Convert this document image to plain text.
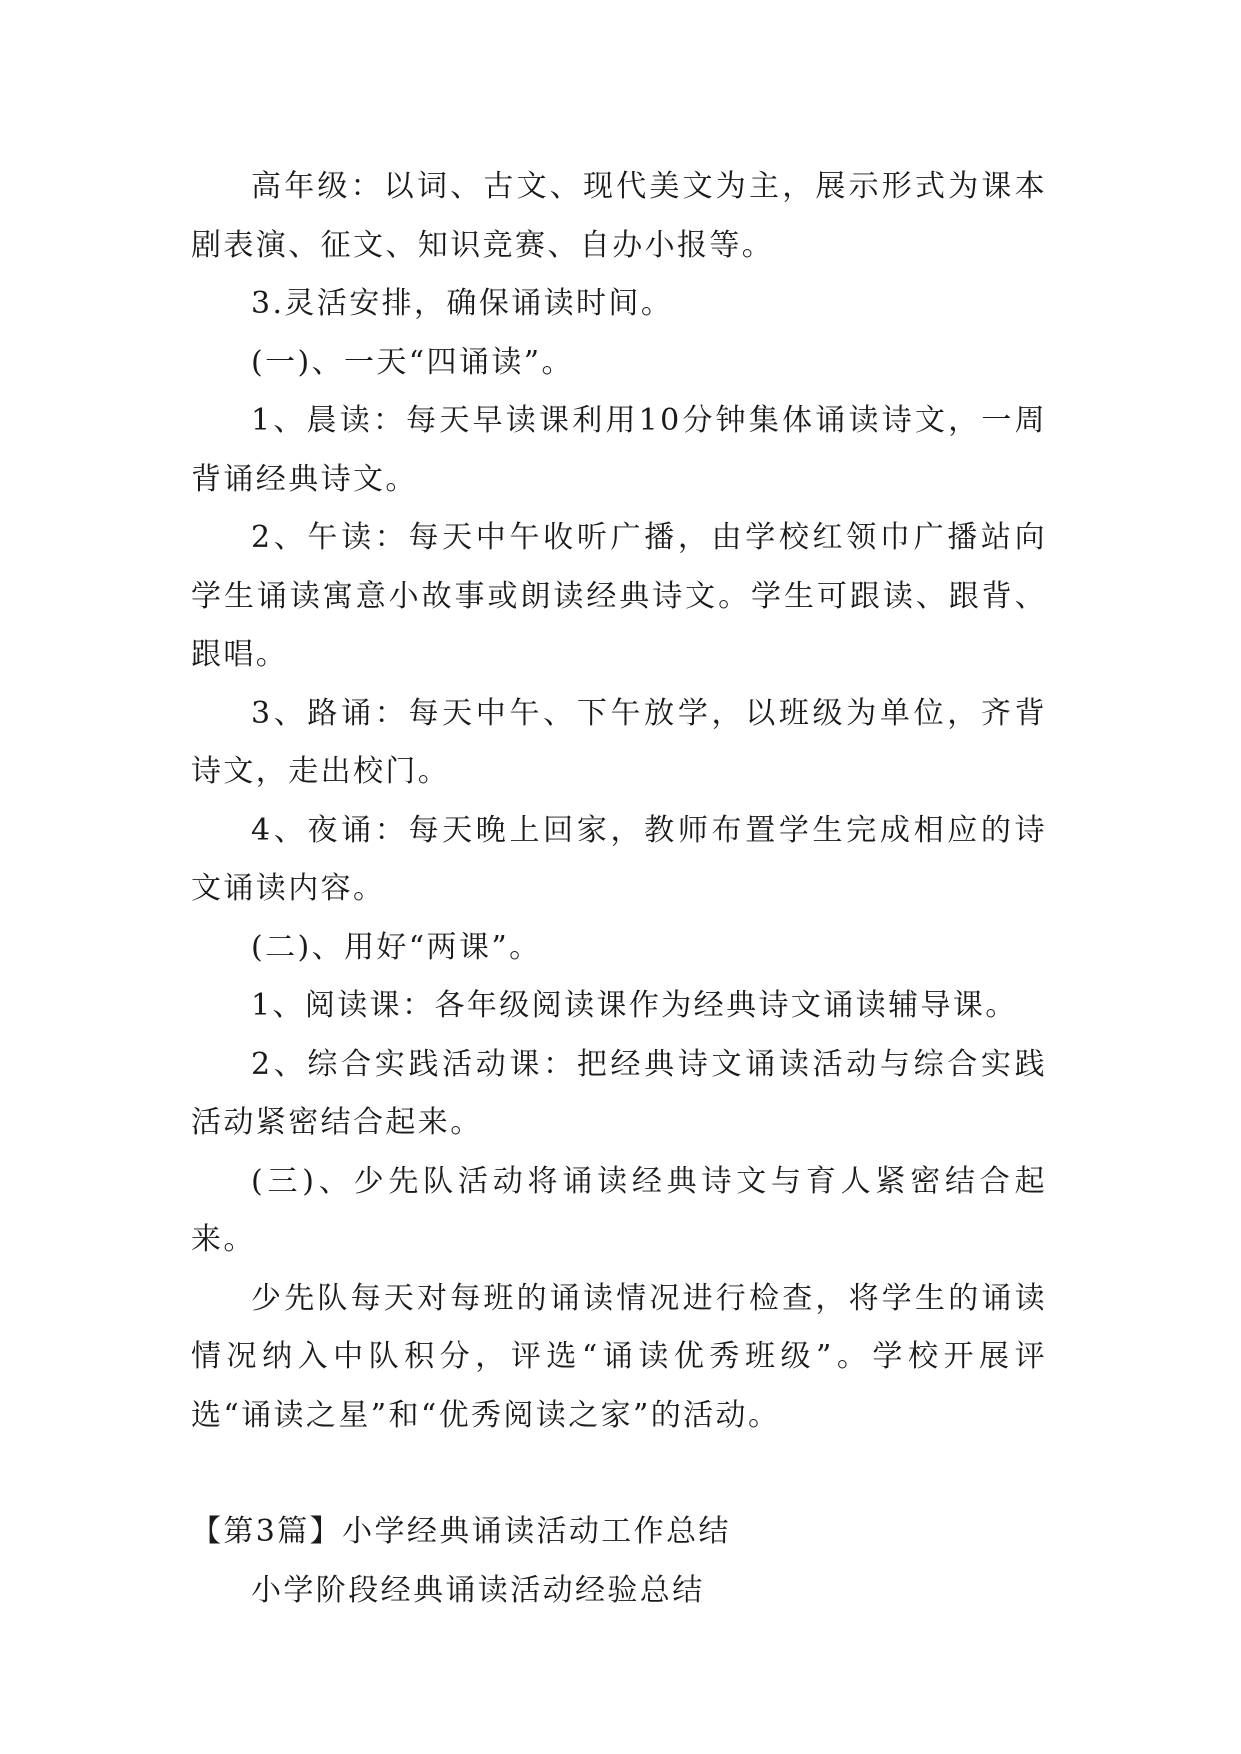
高年级：以词、古文、现代美文为主，展示形式为课本剧表演、征文、知识竞赛、自办小报等。

3.灵活安排，确保诵读时间。

(一)、一天“四诵读”。

1、晨读：每天早读课利用10分钟集体诵读诗文，一周背诵经典诗文。

2、午读：每天中午收听广播，由学校红领巾广播站向学生诵读寓意小故事或朗读经典诗文。学生可跟读、跟背、跟唱。

3、路诵：每天中午、下午放学，以班级为单位，齐背诗文，走出校门。

4、夜诵：每天晚上回家，教师布置学生完成相应的诗文诵读内容。

(二)、用好“两课”。

1、阅读课：各年级阅读课作为经典诗文诵读辅导课。

2、综合实践活动课：把经典诗文诵读活动与综合实践活动紧密结合起来。

(三)、少先队活动将诵读经典诗文与育人紧密结合起来。

少先队每天对每班的诵读情况进行检查，将学生的诵读情况纳入中队积分，评选“诵读优秀班级”。学校开展评选“诵读之星”和“优秀阅读之家”的活动。

【第3篇】小学经典诵读活动工作总结

小学阶段经典诵读活动经验总结
